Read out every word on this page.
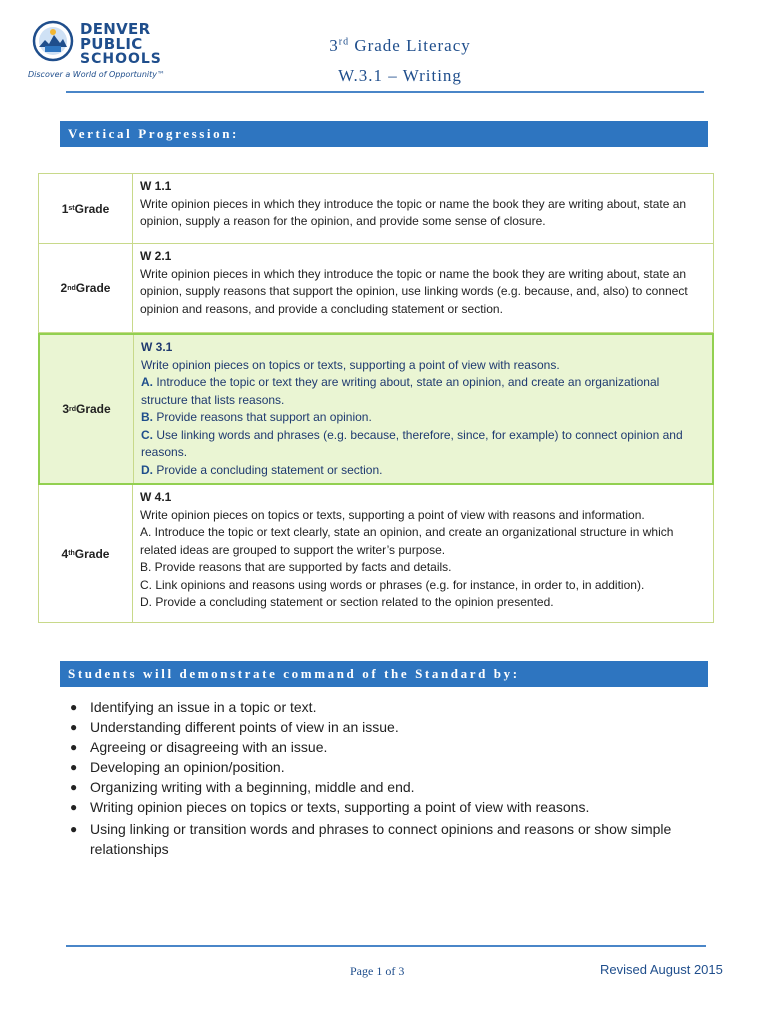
DENVER
PUBLIC
SCHOOLS
Discover a World of Opportunity™
3rd Grade Literacy
W.3.1 – Writing
Vertical Progression:
1 st Grade
W 1.1
Write opinion pieces in which they introduce the topic or name the book they are writing about, state an opinion, supply a reason for the opinion, and provide some sense of closure.
2 nd Grade
W 2.1
Write opinion pieces in which they introduce the topic or name the book they are writing about, state an opinion, supply reasons that support the opinion, use linking words (e.g. because, and, also) to connect opinion and reasons, and provide a concluding statement or section.
3 rd Grade
W 3.1
Write opinion pieces on topics or texts, supporting a point of view with reasons.
A. Introduce the topic or text they are writing about, state an opinion, and create an organizational structure that lists reasons.
B. Provide reasons that support an opinion.
C. Use linking words and phrases (e.g. because, therefore, since, for example) to connect opinion and reasons.
D. Provide a concluding statement or section.
4 th Grade
W 4.1
Write opinion pieces on topics or texts, supporting a point of view with reasons and information.
A. Introduce the topic or text clearly, state an opinion, and create an organizational structure in which related ideas are grouped to support the writer’s purpose.
B. Provide reasons that are supported by facts and details.
C. Link opinions and reasons using words or phrases (e.g. for instance, in order to, in addition).
D. Provide a concluding statement or section related to the opinion presented.
Students will demonstrate command of the Standard by:
● Identifying an issue in a topic or text.
● Understanding different points of view in an issue.
● Agreeing or disagreeing with an issue.
● Developing an opinion/position.
● Organizing writing with a beginning, middle and end.
● Writing opinion pieces on topics or texts, supporting a point of view with reasons.
● Using linking or transition words and phrases to connect opinions and reasons or show simple relationships
Page 1 of 3	Revised August 2015
